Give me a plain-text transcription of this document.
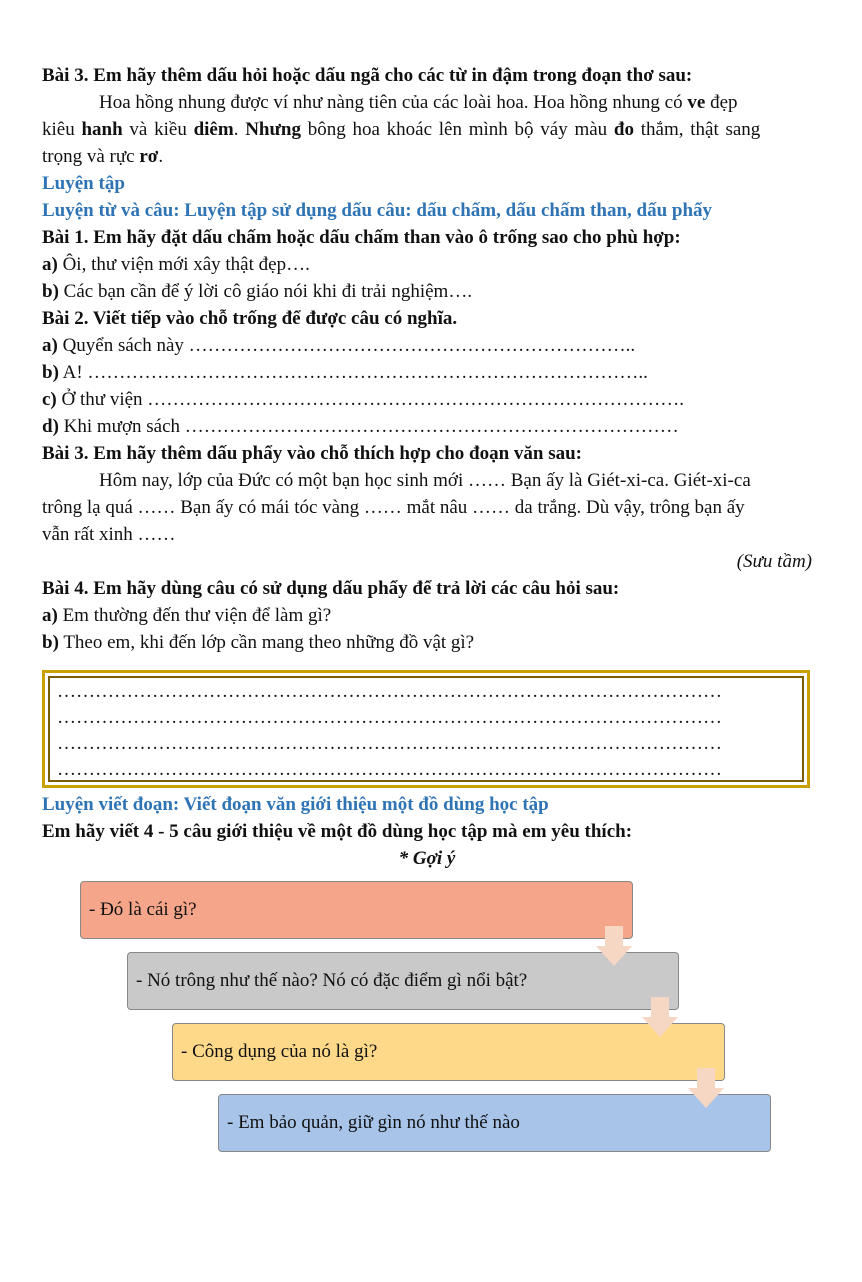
Bài 3. Em hãy thêm dấu hỏi hoặc dấu ngã cho các từ in đậm trong đoạn thơ sau:
Hoa hồng nhung được ví như nàng tiên của các loài hoa. Hoa hồng nhung có ve đẹp
kiêu hanh và kiều diêm. Nhưng bông hoa khoác lên mình bộ váy màu đo thắm, thật sang
trọng và rực rơ.
Luyện tập
Luyện từ và câu: Luyện tập sử dụng dấu câu: dấu chấm, dấu chấm than, dấu phẩy
Bài 1. Em hãy đặt dấu chấm hoặc dấu chấm than vào ô trống sao cho phù hợp:
a) Ôi, thư viện mới xây thật đẹp….
b) Các bạn cần để ý lời cô giáo nói khi đi trải nghiệm….
Bài 2. Viết tiếp vào chỗ trống để được câu có nghĩa.
a) Quyển sách này ……………………………………………………………..
b) A! ……………………………………………………………………………..
c) Ở thư viện ………………………………………………………………………….
d) Khi mượn sách ……………………………………………………………………
Bài 3. Em hãy thêm dấu phẩy vào chỗ thích hợp cho đoạn văn sau:
Hôm nay, lớp của Đức có một bạn học sinh mới …… Bạn ấy là Giét-xi-ca. Giét-xi-ca
trông lạ quá …… Bạn ấy có mái tóc vàng …… mắt nâu …… da trắng. Dù vậy, trông bạn ấy
vẫn rất xinh ……
(Sưu tầm)
Bài 4. Em hãy dùng câu có sử dụng dấu phẩy để trả lời các câu hỏi sau:
a) Em thường đến thư viện để làm gì?
b) Theo em, khi đến lớp cần mang theo những đồ vật gì?
……………………………………………………………………………………………
……………………………………………………………………………………………
……………………………………………………………………………………………
……………………………………………………………………………………………
Luyện viết đoạn: Viết đoạn văn giới thiệu một đồ dùng học tập
Em hãy viết 4 - 5 câu giới thiệu về một đồ dùng học tập mà em yêu thích:
* Gợi ý
- Đó là cái gì?
- Nó trông như thế nào? Nó có đặc điểm gì nổi bật?
- Công dụng của nó là gì?
- Em bảo quản, giữ gìn nó như thế nào
